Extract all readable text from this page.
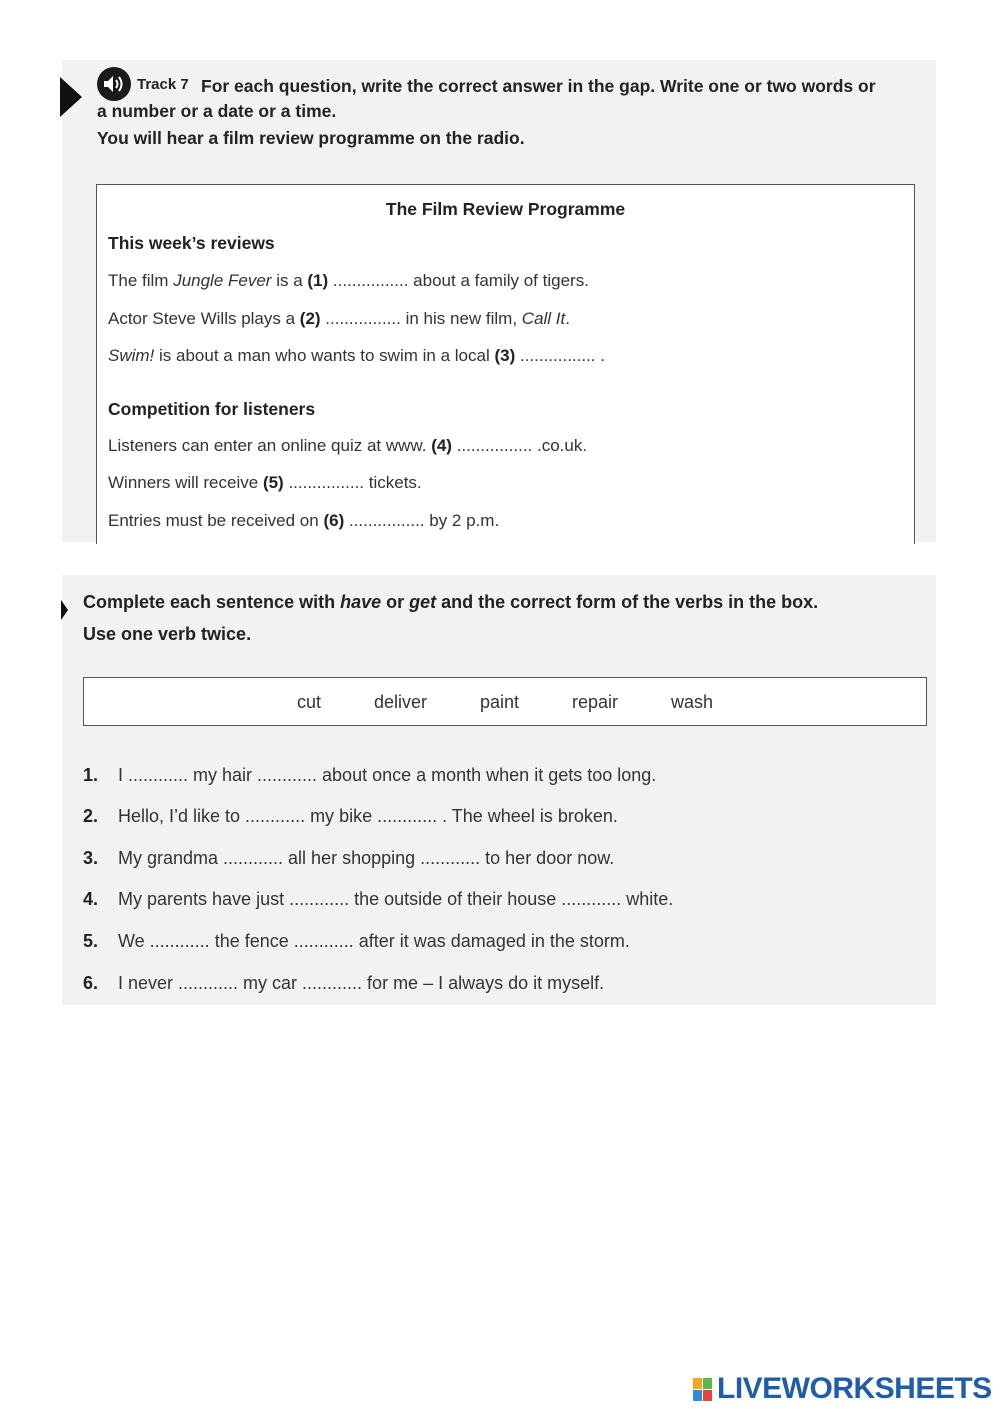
For each question, write the correct answer in the gap. Write one or two words or
a number or a date or a time.
Track 7
You will hear a film review programme on the radio.
The Film Review Programme
This week’s reviews
The film Jungle Fever is a (1) ................ about a family of tigers.
Actor Steve Wills plays a (2) ................ in his new film, Call It.
Swim! is about a man who wants to swim in a local (3) ................ .
Competition for listeners
Listeners can enter an online quiz at www. (4) ................ .co.uk.
Winners will receive (5) ................ tickets.
Entries must be received on (6) ................ by 2 p.m.
Complete each sentence with have or get and the correct form of the verbs in the box.
Use one verb twice.
cut	deliver	paint	repair	wash
1. I ............ my hair ............ about once a month when it gets too long.
2. Hello, I’d like to ............ my bike ............ . The wheel is broken.
3. My grandma ............ all her shopping ............ to her door now.
4. My parents have just ............ the outside of their house ............ white.
5. We ............ the fence ............ after it was damaged in the storm.
6. I never ............ my car ............ for me – I always do it myself.
LIVEWORKSHEETS
